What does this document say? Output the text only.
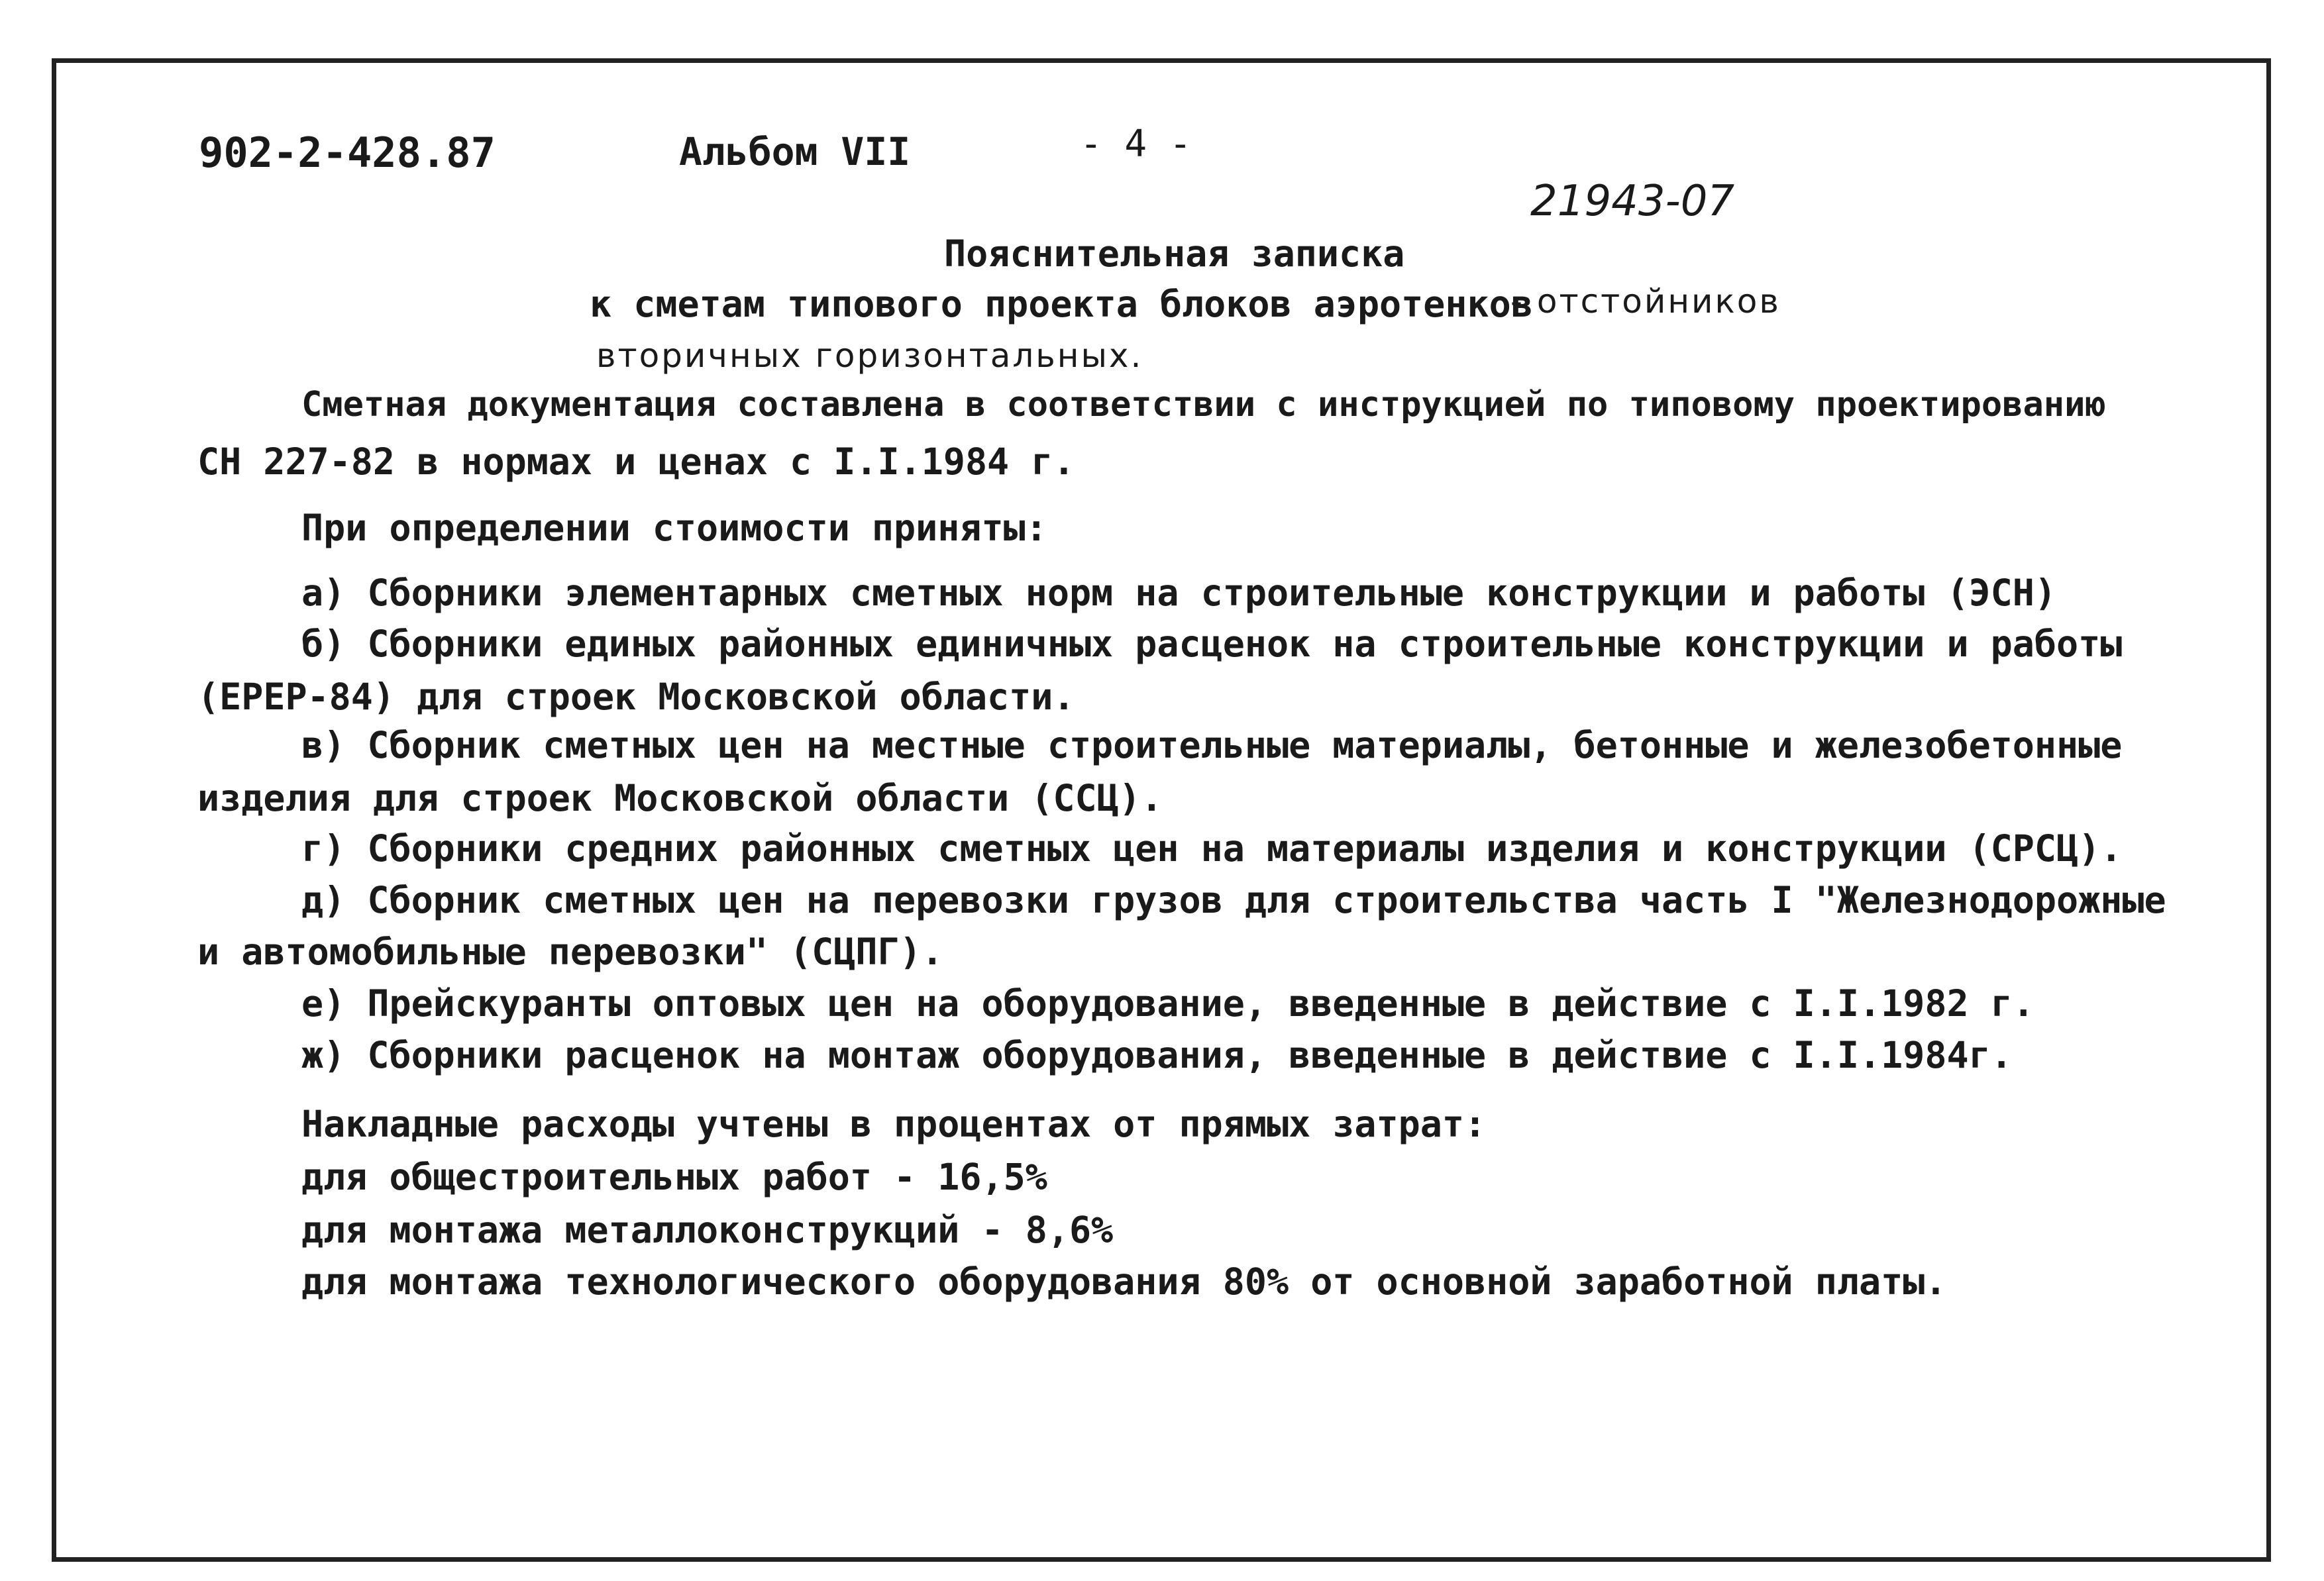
902-2-428.87	Альбом VII	- 4 -
21943-07
Пояснительная записка
к сметам типового проекта блоков аэротенков
- отстойников
вторичных горизонтальных.
Сметная документация составлена в соответствии с инструкцией по типовому проектированию
СН 227-82 в нормах и ценах с I.I.1984 г.
При определении стоимости приняты:
а) Сборники элементарных сметных норм на строительные конструкции и работы (ЭСН)
б) Сборники единых районных единичных расценок на строительные конструкции и работы
(ЕРЕР-84) для строек Московской области.
в) Сборник сметных цен на местные строительные материалы, бетонные и железобетонные
изделия для строек Московской области (ССЦ).
г) Сборники средних районных сметных цен на материалы изделия и конструкции (СРСЦ).
д) Сборник сметных цен на перевозки грузов для строительства часть I "Железнодорожные
и автомобильные перевозки" (СЦПГ).
е) Прейскуранты оптовых цен на оборудование, введенные в действие с I.I.1982 г.
ж) Сборники расценок на монтаж оборудования, введенные в действие с I.I.1984г.
Накладные расходы учтены в процентах от прямых затрат:
для общестроительных работ - 16,5%
для монтажа металлоконструкций - 8,6%
для монтажа технологического оборудования 80% от основной заработной платы.
